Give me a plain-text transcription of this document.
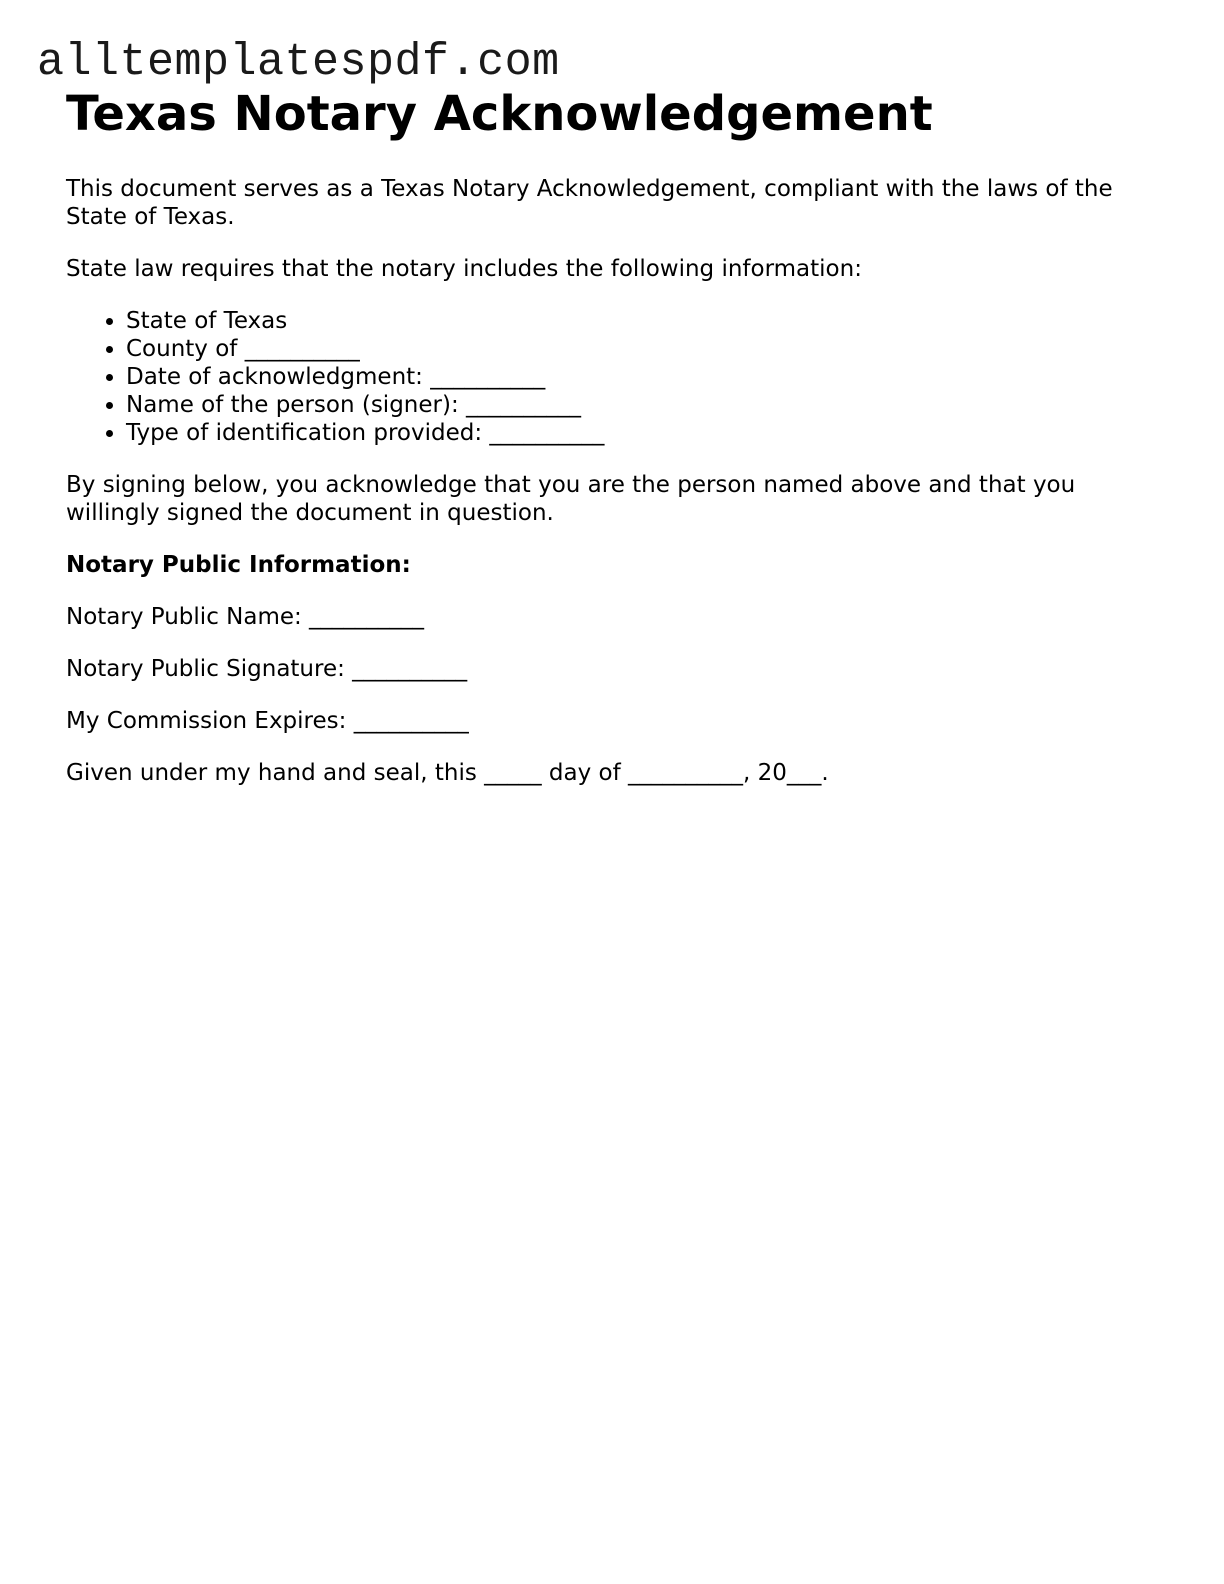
alltemplatespdf.com
Texas Notary Acknowledgement

This document serves as a Texas Notary Acknowledgement, compliant with the laws of the State of Texas.

State law requires that the notary includes the following information:

• State of Texas
• County of __________
• Date of acknowledgment: __________
• Name of the person (signer): __________
• Type of identification provided: __________

By signing below, you acknowledge that you are the person named above and that you willingly signed the document in question.

Notary Public Information:

Notary Public Name: __________

Notary Public Signature: __________

My Commission Expires: __________

Given under my hand and seal, this _____ day of __________, 20___.
